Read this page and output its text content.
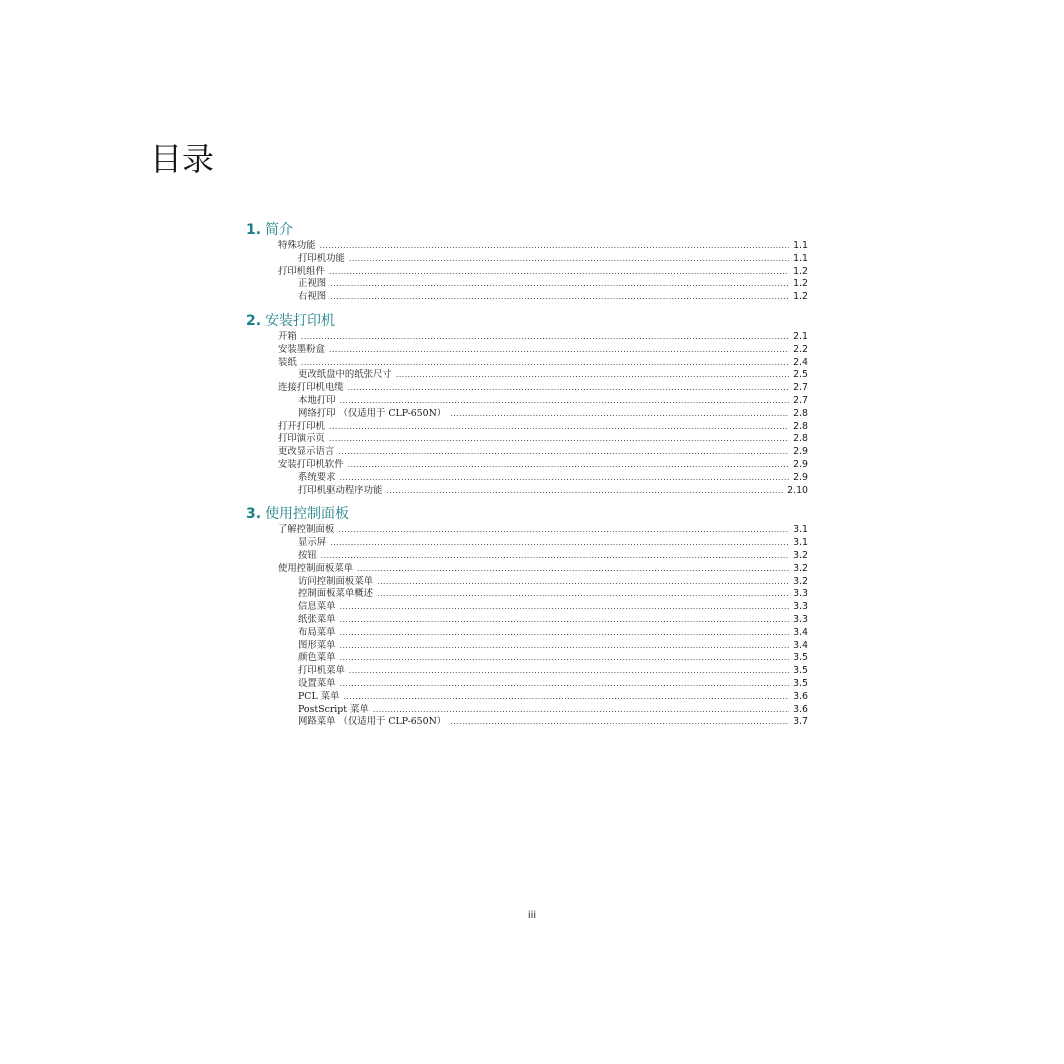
目录
1. 简介
特殊功能 .....	1.1
打印机功能 .....	1.1
打印机组件 .....	1.2
正视图 .....	1.2
右视图 .....	1.2
2. 安装打印机
开箱 .....	2.1
安装墨粉盒 .....	2.2
装纸 .....	2.4
更改纸盘中的纸张尺寸 .....	2.5
连接打印机电缆 .....	2.7
本地打印 .....	2.7
网络打印 （仅适用于 CLP-650N） .....	2.8
打开打印机 .....	2.8
打印演示页 .....	2.8
更改显示语言 .....	2.9
安装打印机软件 .....	2.9
系统要求 .....	2.9
打印机驱动程序功能 .....	2.10
3. 使用控制面板
了解控制面板 .....	3.1
显示屏 .....	3.1
按钮 .....	3.2
使用控制面板菜单 .....	3.2
访问控制面板菜单 .....	3.2
控制面板菜单概述 .....	3.3
信息菜单 .....	3.3
纸张菜单 .....	3.3
布局菜单 .....	3.4
图形菜单 .....	3.4
颜色菜单 .....	3.5
打印机菜单 .....	3.5
设置菜单 .....	3.5
PCL 菜单 .....	3.6
PostScript 菜单 .....	3.6
网路菜单 （仅适用于 CLP-650N） .....	3.7
iii
